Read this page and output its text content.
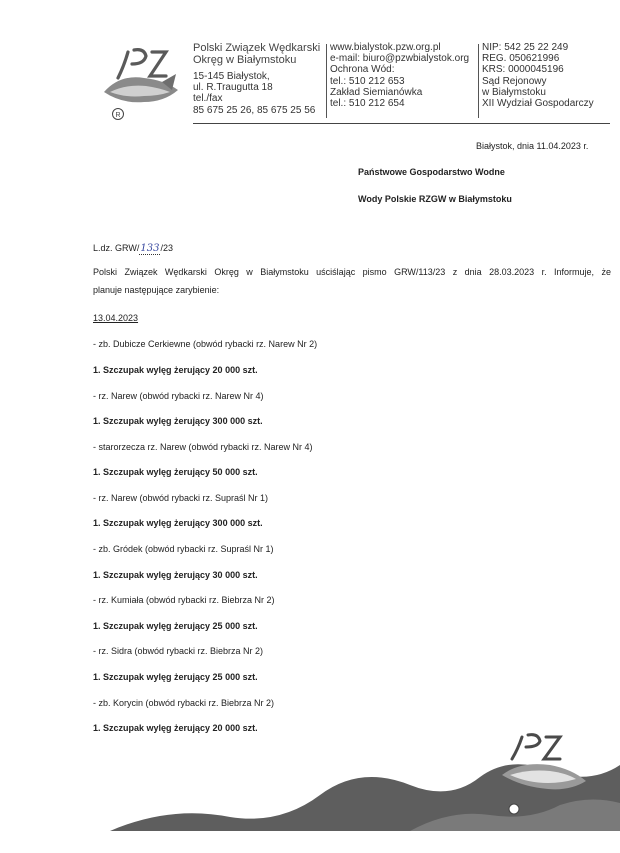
PZW
R
Polski Związek Wędkarski
Okręg w Białymstoku
15-145 Białystok,
ul. R.Traugutta 18
tel./fax
85 675 25 26, 85 675 25 56
www.bialystok.pzw.org.pl
e-mail: biuro@pzwbialystok.org
Ochrona Wód:
tel.: 510 212 653
Zakład Siemianówka
tel.: 510 212 654
NIP: 542 25 22 249
REG. 050621996
KRS: 0000045196
Sąd Rejonowy
w Białymstoku
XII Wydział Gospodarczy
Białystok, dnia 11.04.2023 r.
Państwowe Gospodarstwo Wodne
Wody Polskie RZGW w Białymstoku
L.dz. GRW/133/23
Polski Związek Wędkarski Okręg w Białymstoku uściślając pismo GRW/113/23 z dnia 28.03.2023 r. Informuje, że
planuje następujące zarybienie:
13.04.2023
- zb. Dubicze Cerkiewne (obwód rybacki rz. Narew Nr 2)
1. Szczupak wylęg żerujący 20 000 szt.
- rz. Narew (obwód rybacki rz. Narew Nr 4)
1. Szczupak wylęg żerujący 300 000 szt.
- starorzecza rz. Narew (obwód rybacki rz. Narew Nr 4)
1. Szczupak wylęg żerujący 50 000 szt.
- rz. Narew (obwód rybacki rz. Supraśl Nr 1)
1. Szczupak wylęg żerujący 300 000 szt.
- zb. Gródek (obwód rybacki rz. Supraśl Nr 1)
1. Szczupak wylęg żerujący 30 000 szt.
- rz. Kumiała (obwód rybacki rz. Biebrza Nr 2)
1. Szczupak wylęg żerujący 25 000 szt.
- rz. Sidra (obwód rybacki rz. Biebrza Nr 2)
1. Szczupak wylęg żerujący 25 000 szt.
- zb. Korycin (obwód rybacki rz. Biebrza Nr 2)
1. Szczupak wylęg żerujący 20 000 szt.
